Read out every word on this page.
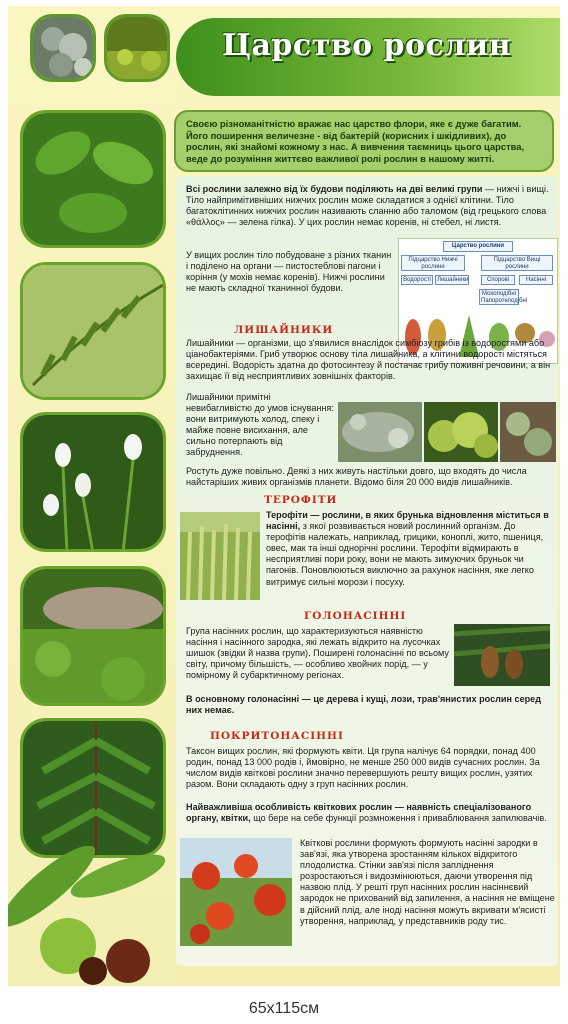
Царство рослин
Своєю різноманітністю вражає нас царство флори, яке є дуже багатим. Його поширення величезне - від бактерій (корисних і шкідливих), до рослин, які знайомі кожному з нас. А вивчення таємниць цього царства, веде до розуміння життєво важливої ролі рослин в нашому житті.
Всі рослини залежно від їх будови поділяють на дві великі групи — нижчі і вищі. Тіло найпримітивніших нижчих рослин може складатися з однієї клітини. Тіло багатоклітинних нижчих рослин називають сланню або таломом (від грецького слова «θάλλος» — зелена гілка). У цих рослин немає коренів, ні стебел, ні листя.
У вищих рослин тіло побудоване з різних тканин і поділено на органи — пистостеблові пагони і коріння (у мохів немає коренів). Нижчі рослини не мають складної тканинної будови.
Царство рослини
Підцарство Нижчі рослини
Підцарство Вищі рослини
Водорості	Лишайники	Спорові	Насінні
Мохоподібні Папоротеподібні
ЛИШАЙНИКИ
Лишайники — організми, що з'явилися внаслідок симбіозу грибів із водоростями або ціанобактеріями. Гриб утворює основу тіла лишайника, а клітини водорості містяться всередині. Водорість здатна до фотосинтезу й постачає грибу поживні речовини, а він захищає її від несприятливих зовнішніх факторів.
Лишайники примітні невибагливістю до умов існування: вони витримують холод, спеку і майже повне висихання, але сильно потерпають від забруднення.
Ростуть дуже повільно. Деякі з них живуть настільки довго, що входять до числа найстаріших живих організмів планети. Відомо біля 20 000 видів лишайників.
ТЕРОФІТИ
Терофіти — рослини, в яких брунька відновлення міститься в насінні, з якої розвивається новий рослинний організм. До терофітів належать, наприклад, грицики, коноплі, жито, пшениця, овес, мак та інші однорічні рослини. Терофіти відмирають в несприятливі пори року, вони не мають зимуючих бруньок чи пагонів. Поновлюються виключно за рахунок насіння, яке легко витримує сильні морози і посуху.
ГОЛОНАСІННІ
Група насінних рослин, що характеризуються наявністю насіння і насінного зародка, які лежать відкрито на лусочках шишок (звідки й назва групи). Поширені голонасінні по всьому світу, причому більшість, — особливо хвойних порід, — у помірному й субарктичному регіонах.
В основному голонасінні — це дерева і кущі, лози, трав'янистих рослин серед них немає.
ПОКРИТОНАСІННІ
Таксон вищих рослин, які формують квіти. Ця група налічує 64 порядки, понад 400 родин, понад 13 000 родів і, ймовірно, не менше 250 000 видів сучасних рослин. За числом видів квіткові рослини значно перевершують решту вищих рослин, узятих разом. Вони складають одну з груп насінних рослин.
Найважливіша особливість квіткових рослин — наявність спеціалізованого органу, квітки, що бере на себе функції розмноження і приваблювання запилювачів.
Квіткові рослини формують формують насінні зародки в зав'язі, яка утворена зростанням кількох відкритого плодолистка. Стінки зав'язі після запліднення розростаються і видозмінюються, даючи утворення під назвою плід. У решті груп насінних рослин насіннєвий зародок не прихований від запилення, а насіння не вміщене в дійсний плід, але іноді насіння можуть вкривати м'ясисті утворення, наприклад, у представників роду тис.
65x115см
